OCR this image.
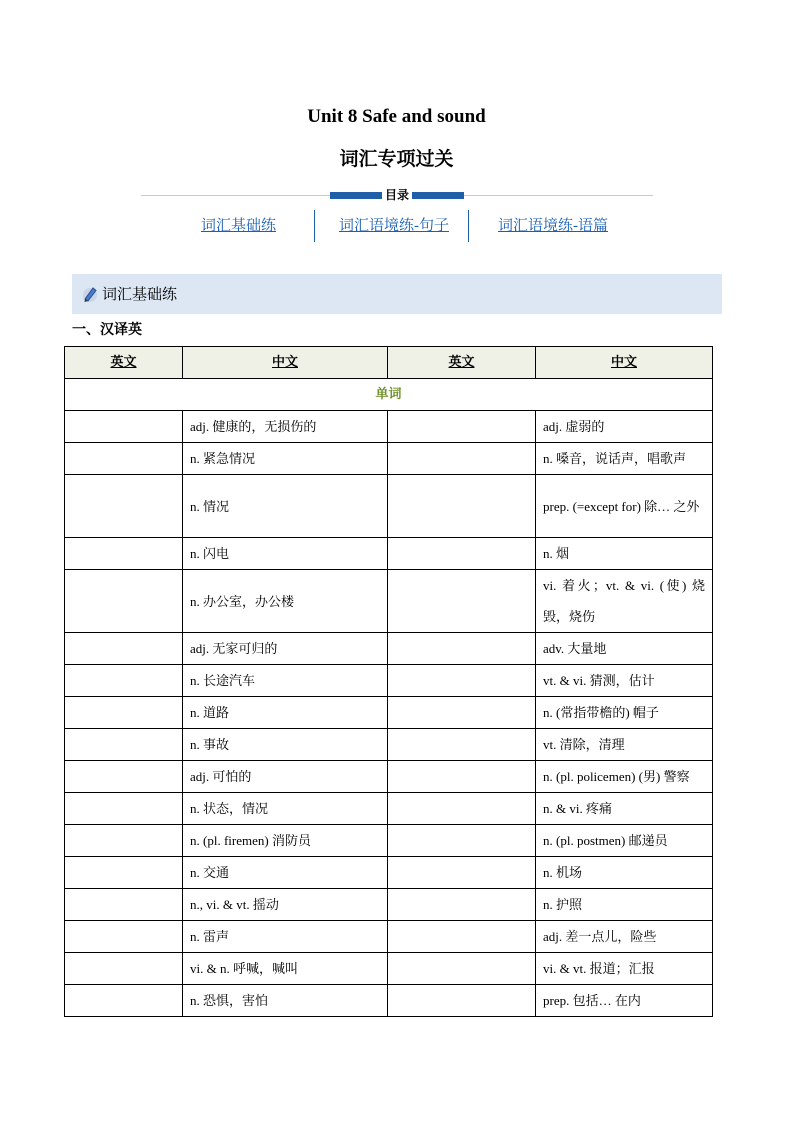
Unit 8 Safe and sound
词汇专项过关
目录
词汇基础练	词汇语境练-句子	词汇语境练-语篇
词汇基础练
一、汉译英
英文	中文	英文	中文
单词			
	adj. 健康的，无损伤的		adj. 虚弱的
	n. 紧急情况		n. 嗓音，说话声，唱歌声
	n. 情况		prep. (=except for) 除… 之外
	n. 闪电		n. 烟
	n. 办公室，办公楼		vi. 着火；vt. & vi. (使) 烧毁，烧伤
	adj. 无家可归的		adv. 大量地
	n. 长途汽车		vt. & vi. 猜测，估计
	n. 道路		n. (常指带檐的) 帽子
	n. 事故		vt. 清除，清理
	adj. 可怕的		n. (pl. policemen) (男) 警察
	n. 状态，情况		n. & vi. 疼痛
	n. (pl. firemen) 消防员		n. (pl. postmen) 邮递员
	n. 交通		n. 机场
	n., vi. & vt. 摇动		n. 护照
	n. 雷声		adj. 差一点儿，险些
	vi. & n. 呼喊，喊叫		vi. & vt. 报道；汇报
	n. 恐惧，害怕		prep. 包括… 在内
